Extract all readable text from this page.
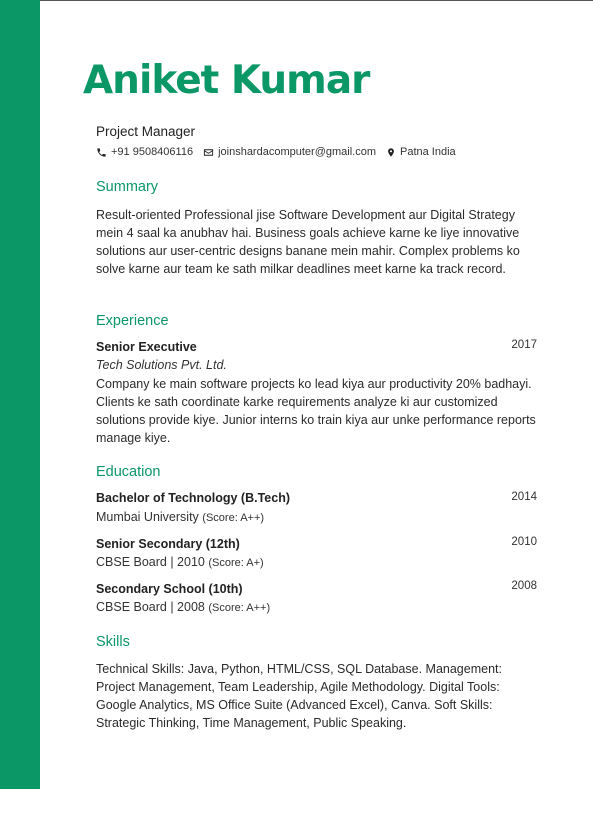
Aniket Kumar
Project Manager
+91 9508406116 joinshardacomputer@gmail.com Patna India
Summary
Result-oriented Professional jise Software Development aur Digital Strategy mein 4 saal ka anubhav hai. Business goals achieve karne ke liye innovative solutions aur user-centric designs banane mein mahir. Complex problems ko solve karne aur team ke sath milkar deadlines meet karne ka track record.
Experience
Senior Executive	2017
Tech Solutions Pvt. Ltd.
Company ke main software projects ko lead kiya aur productivity 20% badhayi. Clients ke sath coordinate karke requirements analyze ki aur customized solutions provide kiye. Junior interns ko train kiya aur unke performance reports manage kiye.
Education
Bachelor of Technology (B.Tech)	2014
Mumbai University (Score: A++)
Senior Secondary (12th)	2010
CBSE Board | 2010 (Score: A+)
Secondary School (10th)	2008
CBSE Board | 2008 (Score: A++)
Skills
Technical Skills: Java, Python, HTML/CSS, SQL Database. Management: Project Management, Team Leadership, Agile Methodology. Digital Tools: Google Analytics, MS Office Suite (Advanced Excel), Canva. Soft Skills: Strategic Thinking, Time Management, Public Speaking.
